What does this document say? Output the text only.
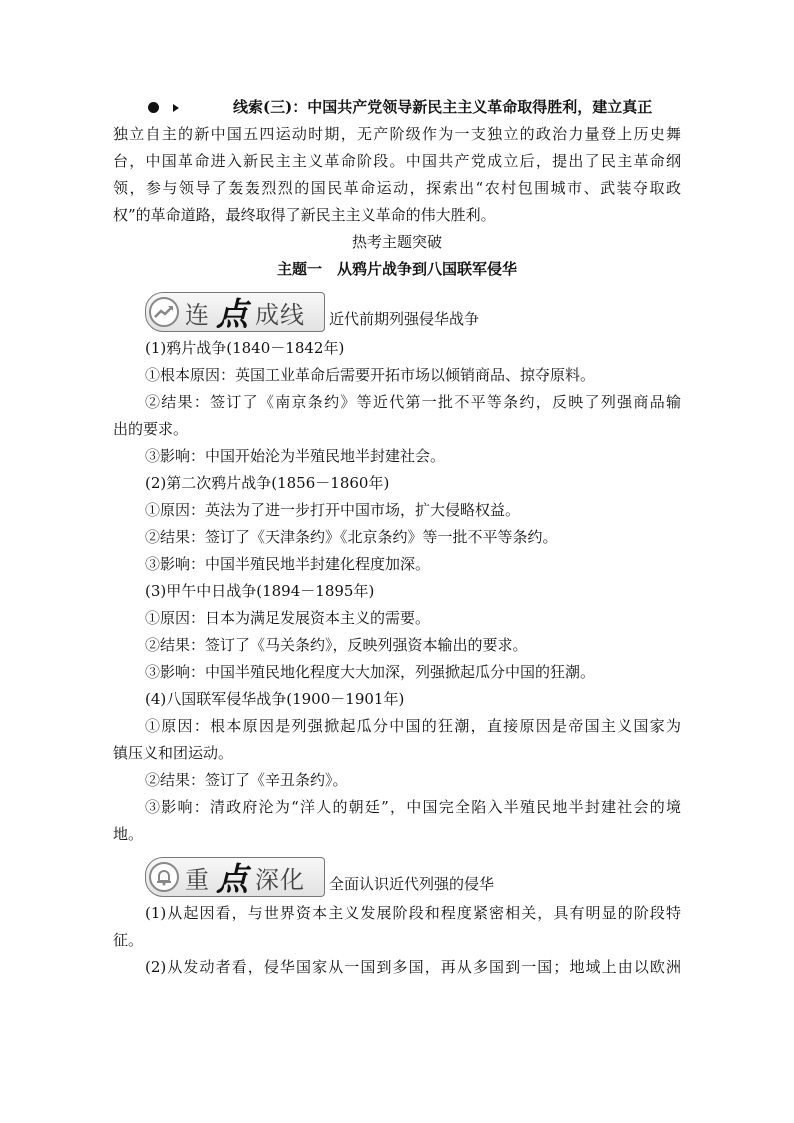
线索(三)：中国共产党领导新民主主义革命取得胜利，建立真正
独立自主的新中国五四运动时期，无产阶级作为一支独立的政治力量登上历史舞
台，中国革命进入新民主主义革命阶段。中国共产党成立后，提出了民主革命纲
领，参与领导了轰轰烈烈的国民革命运动，探索出“农村包围城市、武装夺取政
权”的革命道路，最终取得了新民主主义革命的伟大胜利。
热考主题突破
主题一　从鸦片战争到八国联军侵华
连 点 成线 近代前期列强侵华战争
(1)鸦片战争(1840－1842年)
①根本原因：英国工业革命后需要开拓市场以倾销商品、掠夺原料。
②结果：签订了《南京条约》等近代第一批不平等条约，反映了列强商品输
出的要求。
③影响：中国开始沦为半殖民地半封建社会。
(2)第二次鸦片战争(1856－1860年)
①原因：英法为了进一步打开中国市场，扩大侵略权益。
②结果：签订了《天津条约》《北京条约》等一批不平等条约。
③影响：中国半殖民地半封建化程度加深。
(3)甲午中日战争(1894－1895年)
①原因：日本为满足发展资本主义的需要。
②结果：签订了《马关条约》，反映列强资本输出的要求。
③影响：中国半殖民地化程度大大加深，列强掀起瓜分中国的狂潮。
(4)八国联军侵华战争(1900－1901年)
①原因：根本原因是列强掀起瓜分中国的狂潮，直接原因是帝国主义国家为
镇压义和团运动。
②结果：签订了《辛丑条约》。
③影响：清政府沦为“洋人的朝廷”，中国完全陷入半殖民地半封建社会的境
地。
重 点 深化 全面认识近代列强的侵华
(1)从起因看，与世界资本主义发展阶段和程度紧密相关，具有明显的阶段特
征。
(2)从发动者看，侵华国家从一国到多国，再从多国到一国；地域上由以欧洲
